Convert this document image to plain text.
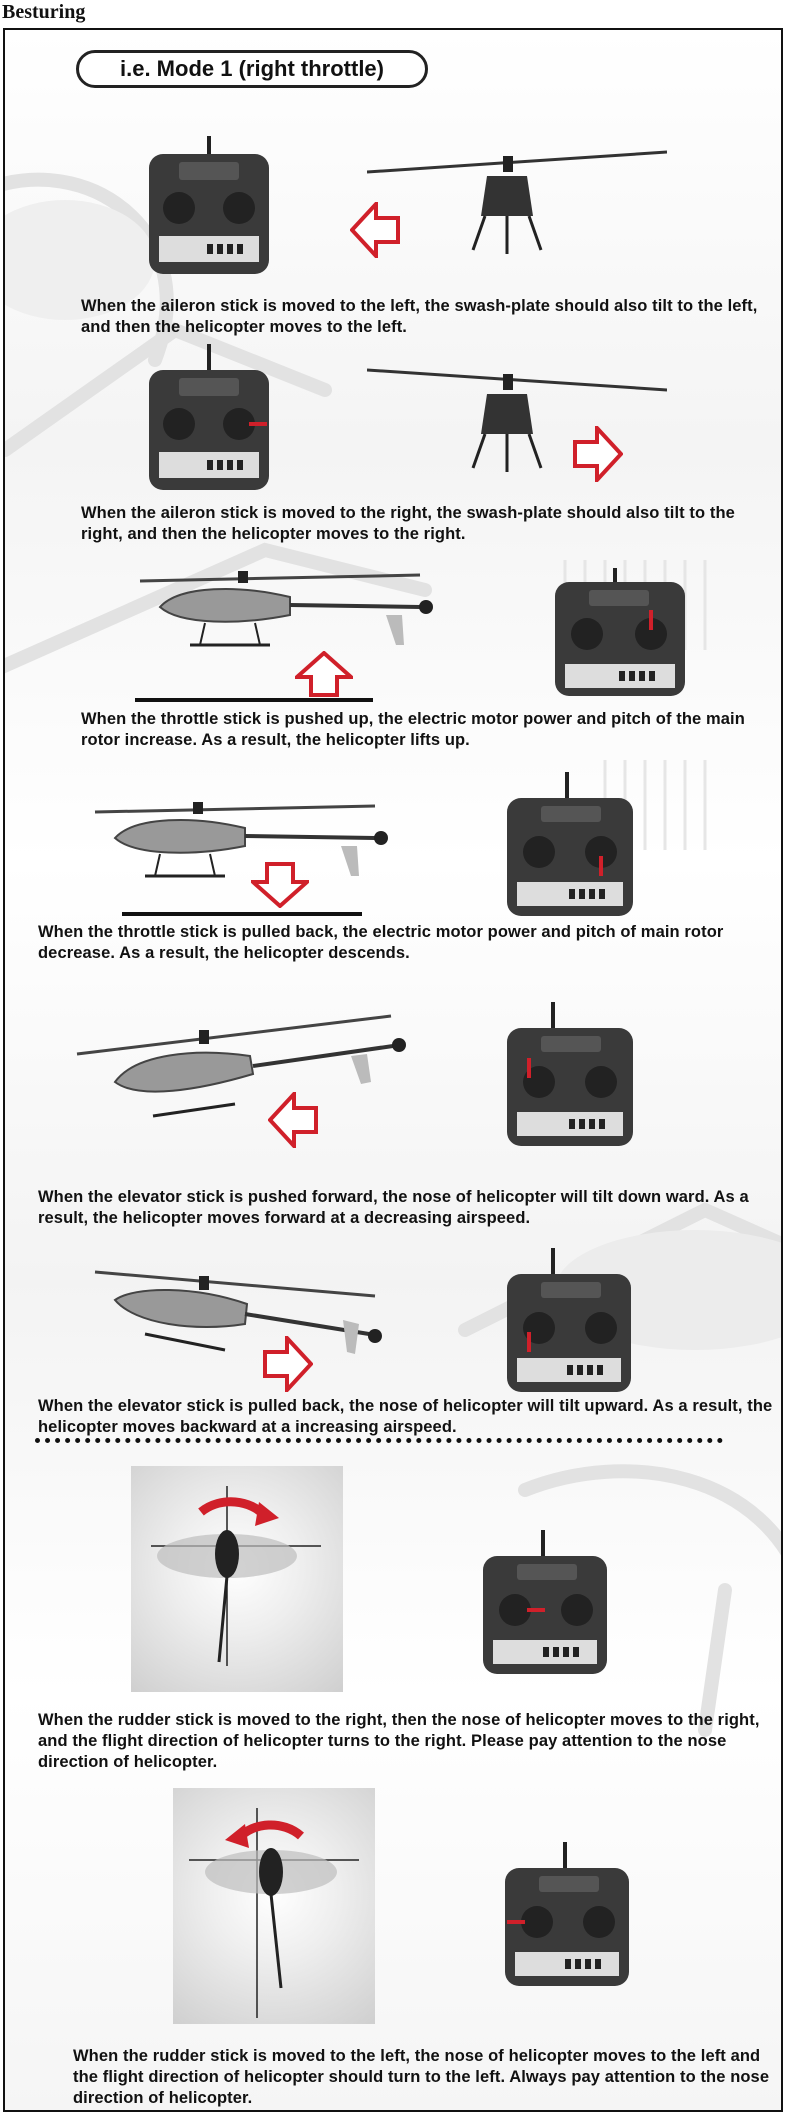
Besturing
i.e. Mode 1 (right throttle)

When the aileron stick is moved to the left, the swash-plate should also tilt to the left, and then the helicopter moves to the left.

When the aileron stick is moved to the right, the swash-plate should also tilt to the right, and then the helicopter moves to the right.

When the throttle stick is pushed up, the electric motor power and pitch of the main rotor increase. As a result, the helicopter lifts up.

When the throttle stick is pulled back, the electric motor power and pitch of main rotor decrease. As a result, the helicopter descends.

When the elevator stick is pushed forward, the nose of helicopter will tilt down ward. As a result, the helicopter moves forward at a decreasing airspeed.

When the elevator stick is pulled back, the nose of helicopter will tilt upward. As a result, the helicopter moves backward at a increasing airspeed.

When the rudder stick is moved to the right, then the nose of helicopter moves to the right, and the flight direction of helicopter turns to the right. Please pay attention to the nose direction of helicopter.

When the rudder stick is moved to the left, the nose of helicopter moves to the left and the flight direction of helicopter should turn to the left. Always pay attention to the nose direction of helicopter.
